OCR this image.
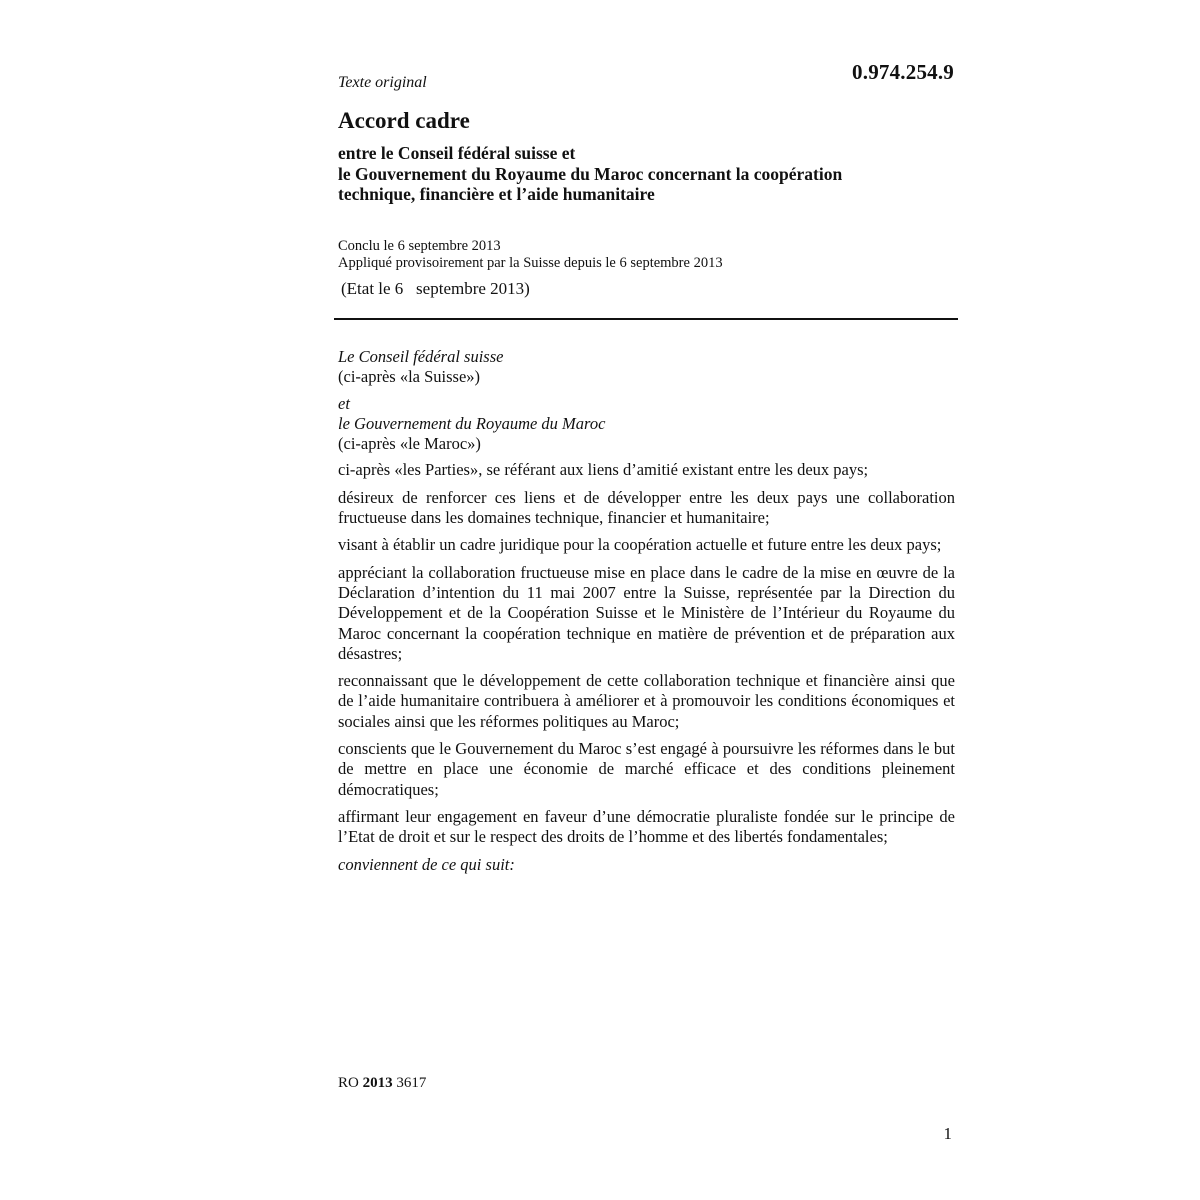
0.974.254.9
Texte original
Accord cadre
entre le Conseil fédéral suisse et
le Gouvernement du Royaume du Maroc concernant la coopération
technique, financière et l’aide humanitaire
Conclu le 6 septembre 2013
Appliqué provisoirement par la Suisse depuis le 6 septembre 2013
(Etat le 6   septembre 2013)
Le Conseil fédéral suisse
(ci-après «la Suisse»)
et
le Gouvernement du Royaume du Maroc
(ci-après «le Maroc»)

ci-après «les Parties», se référant aux liens d’amitié existant entre les deux pays;

désireux de renforcer ces liens et de développer entre les deux pays une collaboration fructueuse dans les domaines technique, financier et humanitaire;

visant à établir un cadre juridique pour la coopération actuelle et future entre les deux pays;

appréciant la collaboration fructueuse mise en place dans le cadre de la mise en œuvre de la Déclaration d’intention du 11 mai 2007 entre la Suisse, représentée par la Direction du Développement et de la Coopération Suisse et le Ministère de l’Intérieur du Royaume du Maroc concernant la coopération technique en matière de prévention et de préparation aux désastres;

reconnaissant que le développement de cette collaboration technique et financière ainsi que de l’aide humanitaire contribuera à améliorer et à promouvoir les conditions économiques et sociales ainsi que les réformes politiques au Maroc;

conscients que le Gouvernement du Maroc s’est engagé à poursuivre les réformes dans le but de mettre en place une économie de marché efficace et des conditions pleinement démocratiques;

affirmant leur engagement en faveur d’une démocratie pluraliste fondée sur le principe de l’Etat de droit et sur le respect des droits de l’homme et des libertés fondamentales;

conviennent de ce qui suit:

RO 2013 3617
1
